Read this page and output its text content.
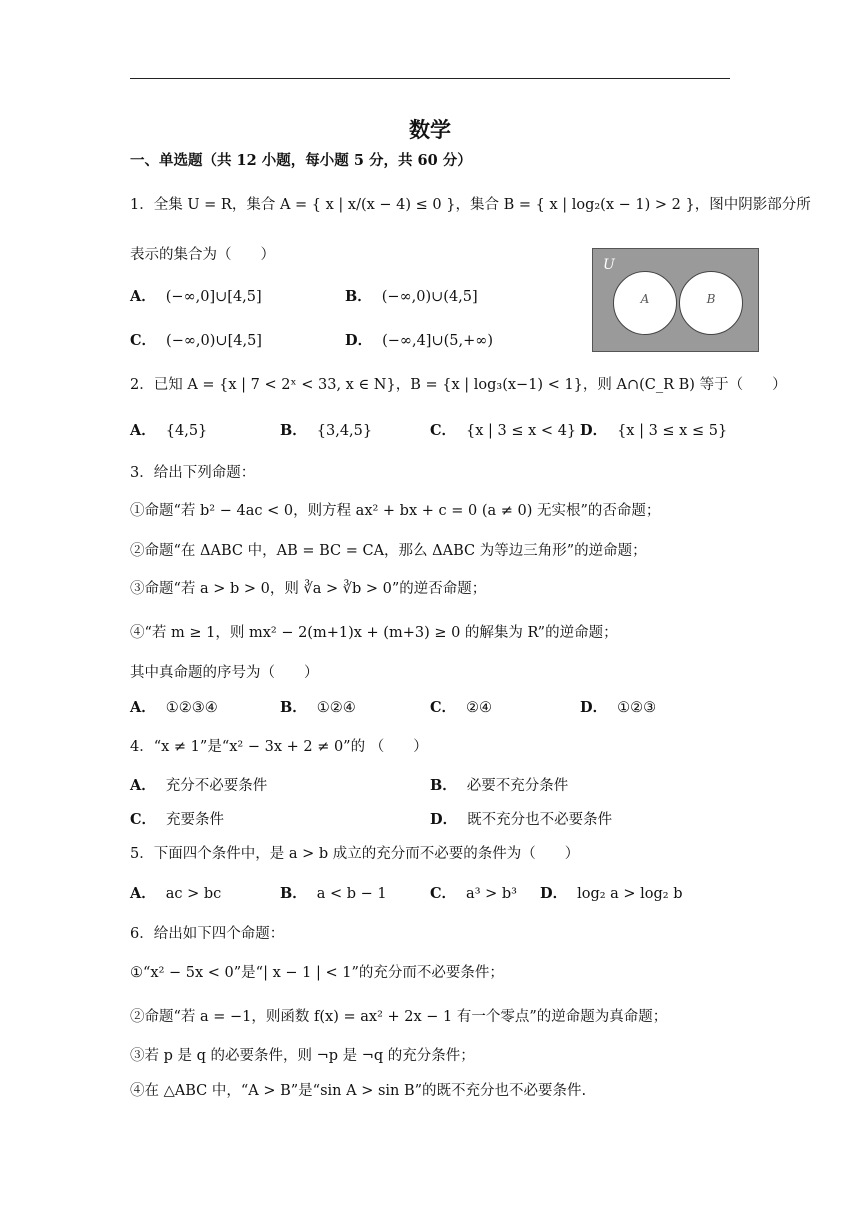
数学
一、单选题（共 12 小题，每小题 5 分，共 60 分）
1．全集 U = R，集合 A = { x | x/(x − 4) ≤ 0 }，集合 B = { x | log₂(x − 1) > 2 }，图中阴影部分所
表示的集合为（　　）
A． (−∞,0]∪[4,5]	B． (−∞,0)∪(4,5]
C． (−∞,0)∪[4,5]	D． (−∞,4]∪(5,+∞)
U
A	B
2．已知 A = {x | 7 < 2ˣ < 33, x ∈ N}，B = {x | log₃(x−1) < 1}，则 A∩(C_R B) 等于（　　）
A． {4,5}	B． {3,4,5}	C． {x | 3 ≤ x < 4} D． {x | 3 ≤ x ≤ 5}
3．给出下列命题：
①命题“若 b² − 4ac < 0，则方程 ax² + bx + c = 0 (a ≠ 0) 无实根”的否命题；
②命题“在 ΔABC 中，AB = BC = CA，那么 ΔABC 为等边三角形”的逆命题；
③命题“若 a > b > 0，则 ∛a > ∛b > 0”的逆否命题；
④“若 m ≥ 1，则 mx² − 2(m+1)x + (m+3) ≥ 0 的解集为 R”的逆命题；
其中真命题的序号为（　　）
A． ①②③④	B． ①②④	C． ②④	D． ①②③
4．“x ≠ 1”是“x² − 3x + 2 ≠ 0”的 （　　）
A． 充分不必要条件	B． 必要不充分条件
C． 充要条件	D． 既不充分也不必要条件
5．下面四个条件中，是 a > b 成立的充分而不必要的条件为（　　）
A． ac > bc	B． a < b − 1	C． a³ > b³ D． log₂ a > log₂ b
6．给出如下四个命题：
①“x² − 5x < 0”是“| x − 1 | < 1”的充分而不必要条件；
②命题“若 a = −1，则函数 f(x) = ax² + 2x − 1 有一个零点”的逆命题为真命题；
③若 p 是 q 的必要条件，则 ¬p 是 ¬q 的充分条件；
④在 △ABC 中，“A > B”是“sin A > sin B”的既不充分也不必要条件.
